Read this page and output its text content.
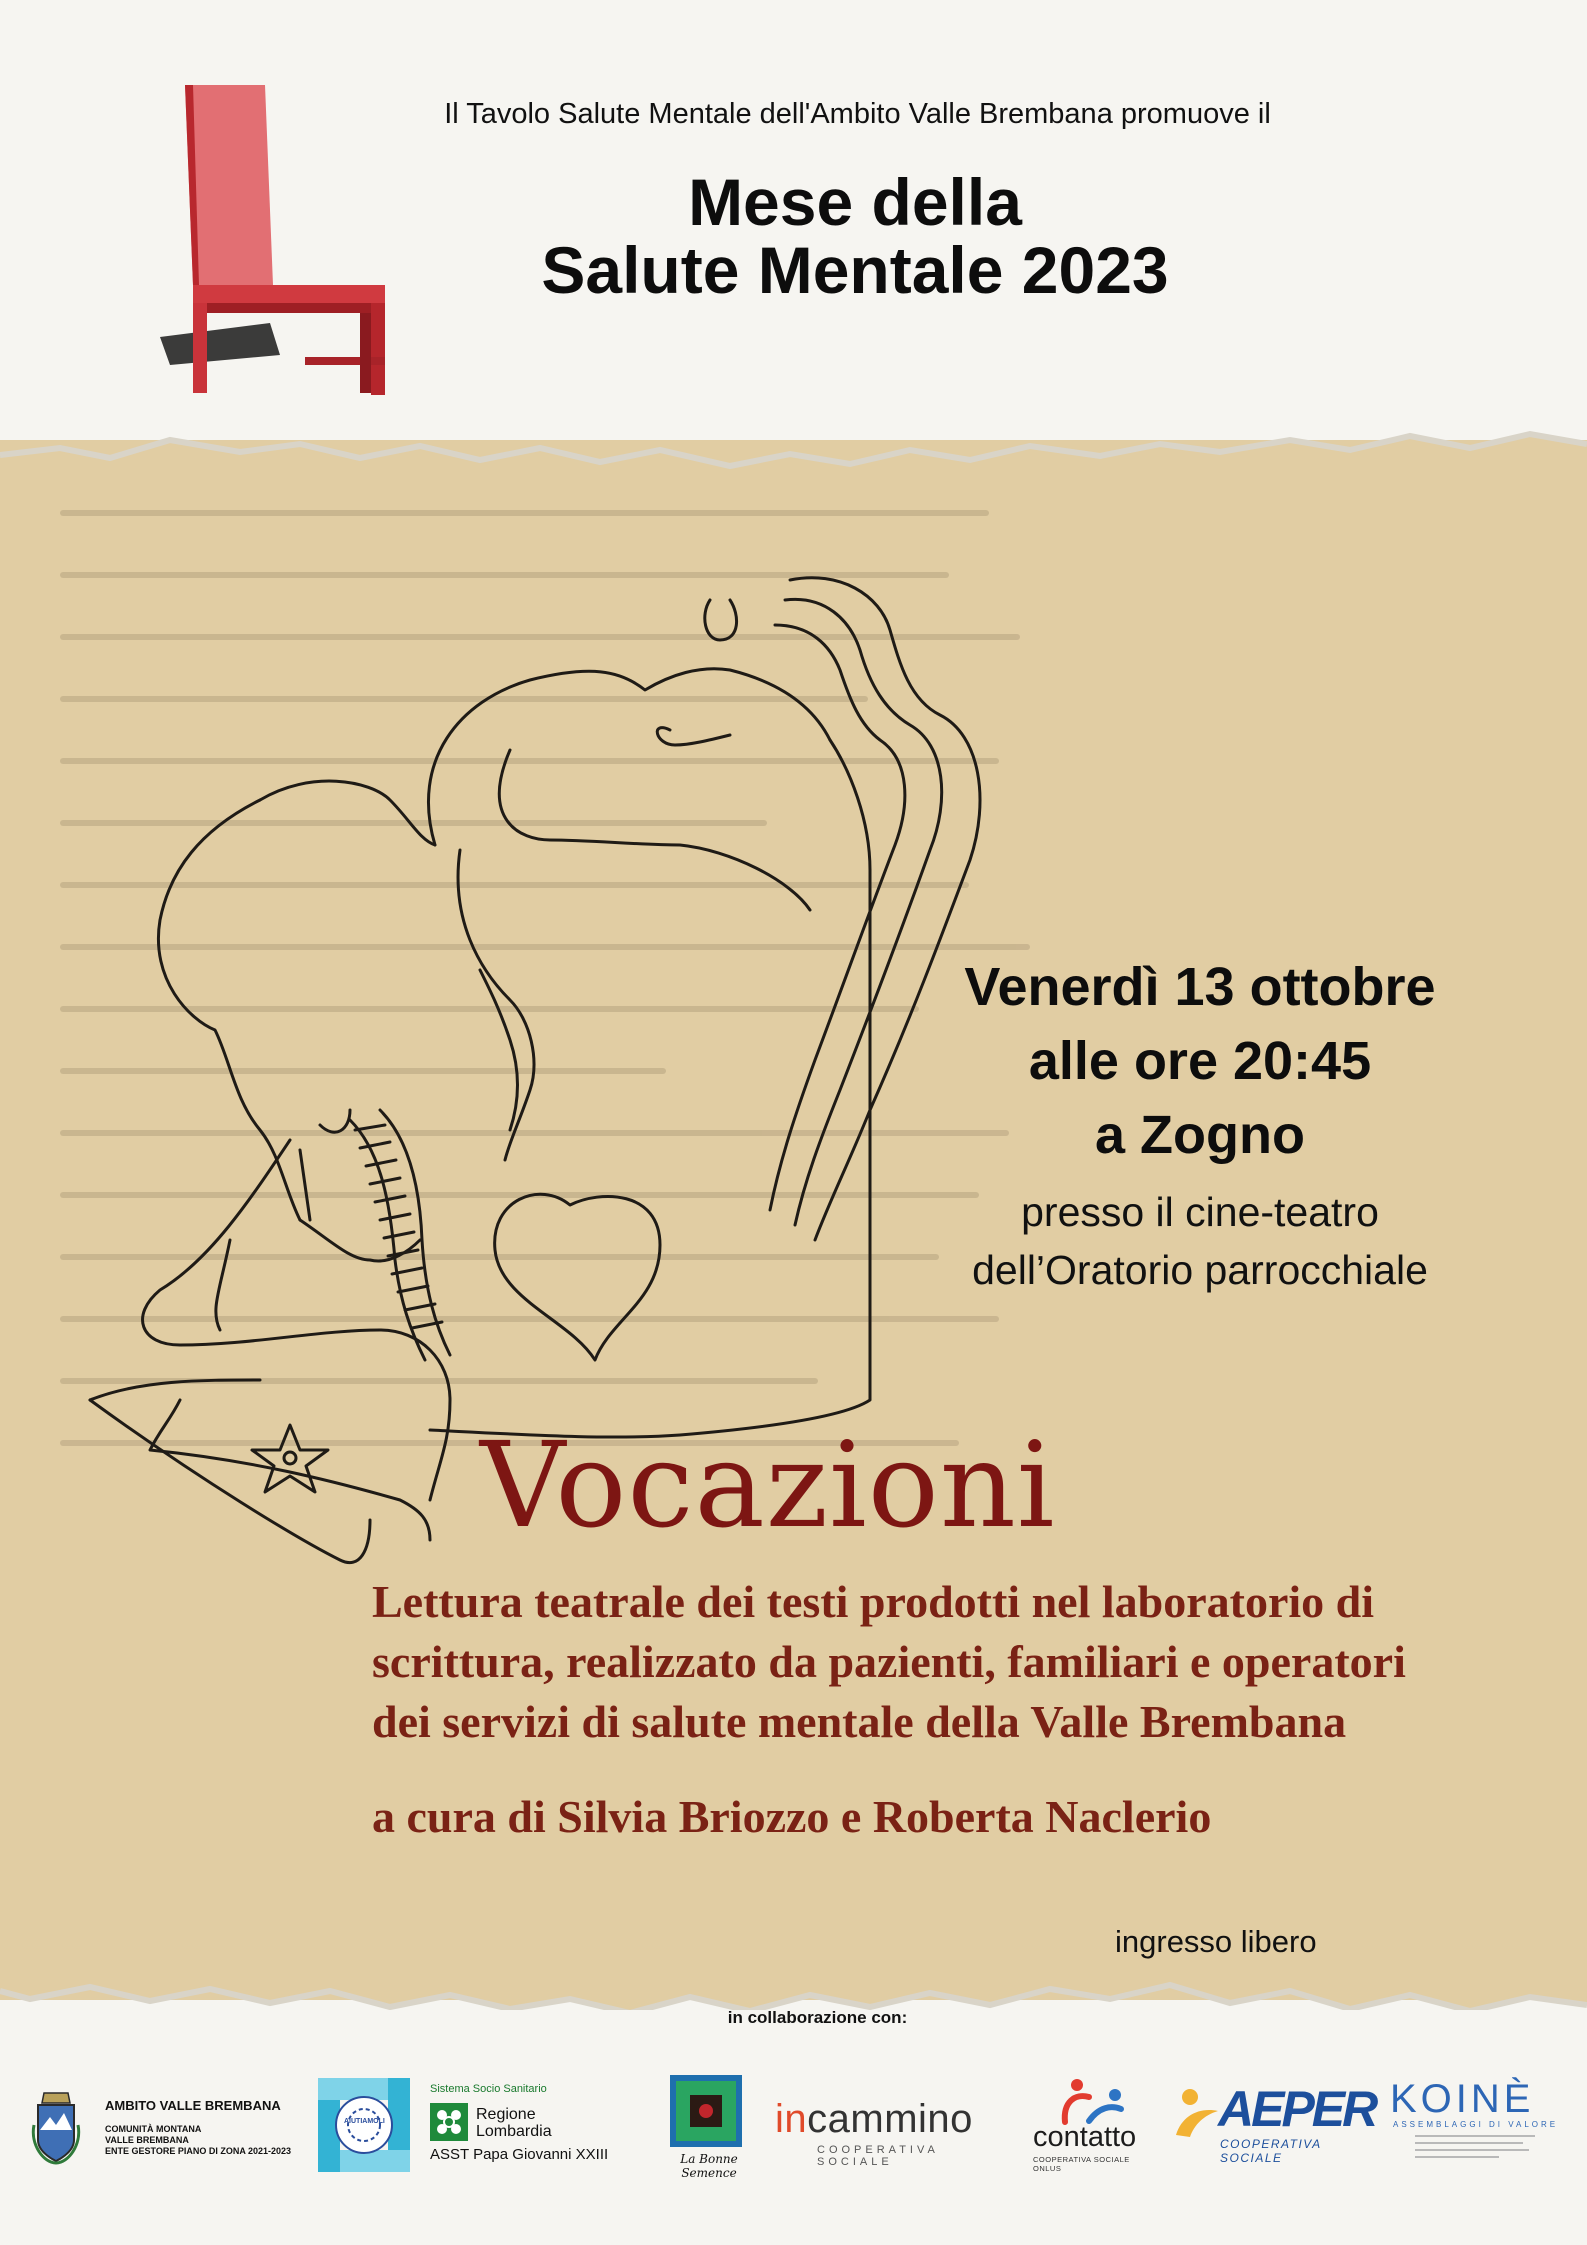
Il Tavolo Salute Mentale dell'Ambito Valle Brembana promuove il
Mese della
Salute Mentale 2023
Venerdì 13 ottobre
alle ore 20:45
a Zogno
presso il cine-teatro
dell’Oratorio parrocchiale
Vocazioni
Lettura teatrale dei testi prodotti nel laboratorio di
scrittura, realizzato da pazienti, familiari e operatori
dei servizi di salute mentale della Valle Brembana
a cura di Silvia Briozzo e Roberta Naclerio
ingresso libero
in collaborazione con:
AMBITO VALLE BREMBANA
COMUNITÀ MONTANA
VALLE BREMBANA
ENTE GESTORE PIANO DI ZONA 2021-2023
AIUTIAMOLI
Sistema Socio Sanitario
Regione
Lombardia
ASST Papa Giovanni XXIII	La Bonne Semence
incammino
COOPERATIVA SOCIALE
contatto
COOPERATIVA SOCIALE ONLUS
AEPER
COOPERATIVA SOCIALE
KOINÈ
ASSEMBLAGGI DI VALORE
